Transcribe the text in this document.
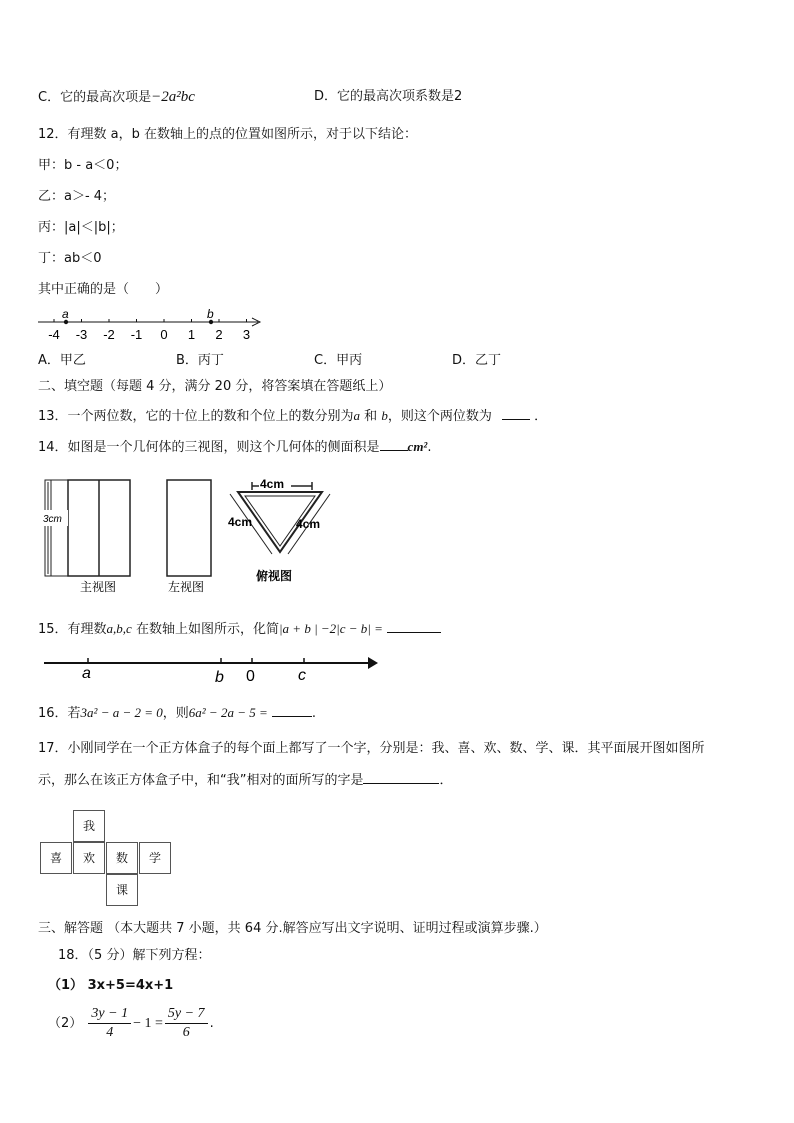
C．它的最高次项是−2a²bc	D．它的最高次项系数是2
12．有理数 a，b 在数轴上的点的位置如图所示，对于以下结论：
甲：b - a＜0；
乙：a＞- 4；
丙：|a|＜|b|；
丁：ab＜0
其中正确的是（　　）
-4 -3 -2 -1 0 1 2 3
a	b
A．甲乙	B．丙丁	C．甲丙	D．乙丁
二、填空题（每题 4 分，满分 20 分，将答案填在答题纸上）
13．一个两位数，它的十位上的数和个位上的数分别为a 和 b，则这个两位数为	．
14．如图是一个几何体的三视图，则这个几何体的侧面积是 cm².
3cm
主视图	左视图
4cm
4cm	4cm
俯视图
15．有理数a,b,c 在数轴上如图所示，化简|a + b | −2|c − b| =
a	b 0	c
16．若3a² − a − 2 = 0，则6a² − 2a − 5 =	.
17．小刚同学在一个正方体盒子的每个面上都写了一个字，分别是：我、喜、欢、数、学、课．其平面展开图如图所
示，那么在该正方体盒子中，和“我”相对的面所写的字是	．
我
喜	欢	数	学
课
三、解答题 （本大题共 7 小题，共 64 分.解答应写出文字说明、证明过程或演算步骤.）
18．（5 分）解下列方程：
（1） 3x+5=4x+1
$(2) \frac{3y - 1}{4} - 1 = \frac{5y - 7}{6}$ .
